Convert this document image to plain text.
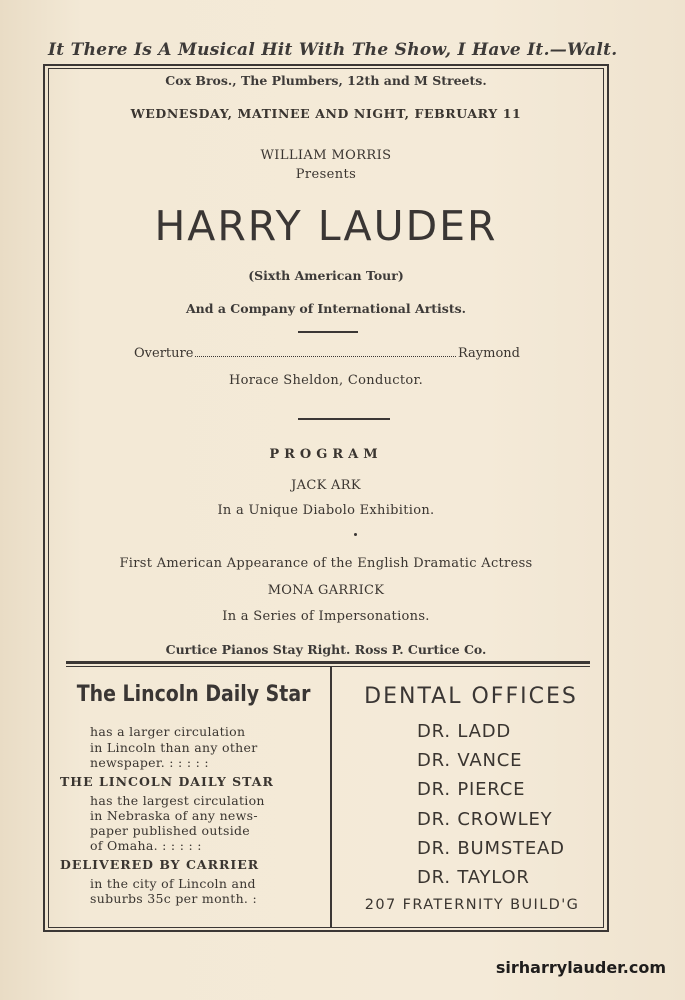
It There Is A Musical Hit With The Show, I Have It.—Walt.
Cox Bros., The Plumbers, 12th and M Streets.
WEDNESDAY, MATINEE AND NIGHT, FEBRUARY 11
WILLIAM MORRIS
Presents
HARRY LAUDER
(Sixth American Tour)
And a Company of International Artists.
Overture	Raymond
Horace Sheldon, Conductor.
PROGRAM
JACK ARK
In a Unique Diabolo Exhibition.
First American Appearance of the English Dramatic Actress
MONA GARRICK
In a Series of Impersonations.
Curtice Pianos Stay Right. Ross P. Curtice Co.
The Lincoln Daily Star
has a larger circulation
in Lincoln than any other
newspaper. : : : : :
THE LINCOLN DAILY STAR
has the largest circulation
in Nebraska of any news-
paper published outside
of Omaha. : : : : :
DELIVERED BY CARRIER
in the city of Lincoln and
suburbs 35c per month. :
DENTAL OFFICES
DR. LADD
DR. VANCE
DR. PIERCE
DR. CROWLEY
DR. BUMSTEAD
DR. TAYLOR
207 FRATERNITY BUILD'G
sirharrylauder.com
